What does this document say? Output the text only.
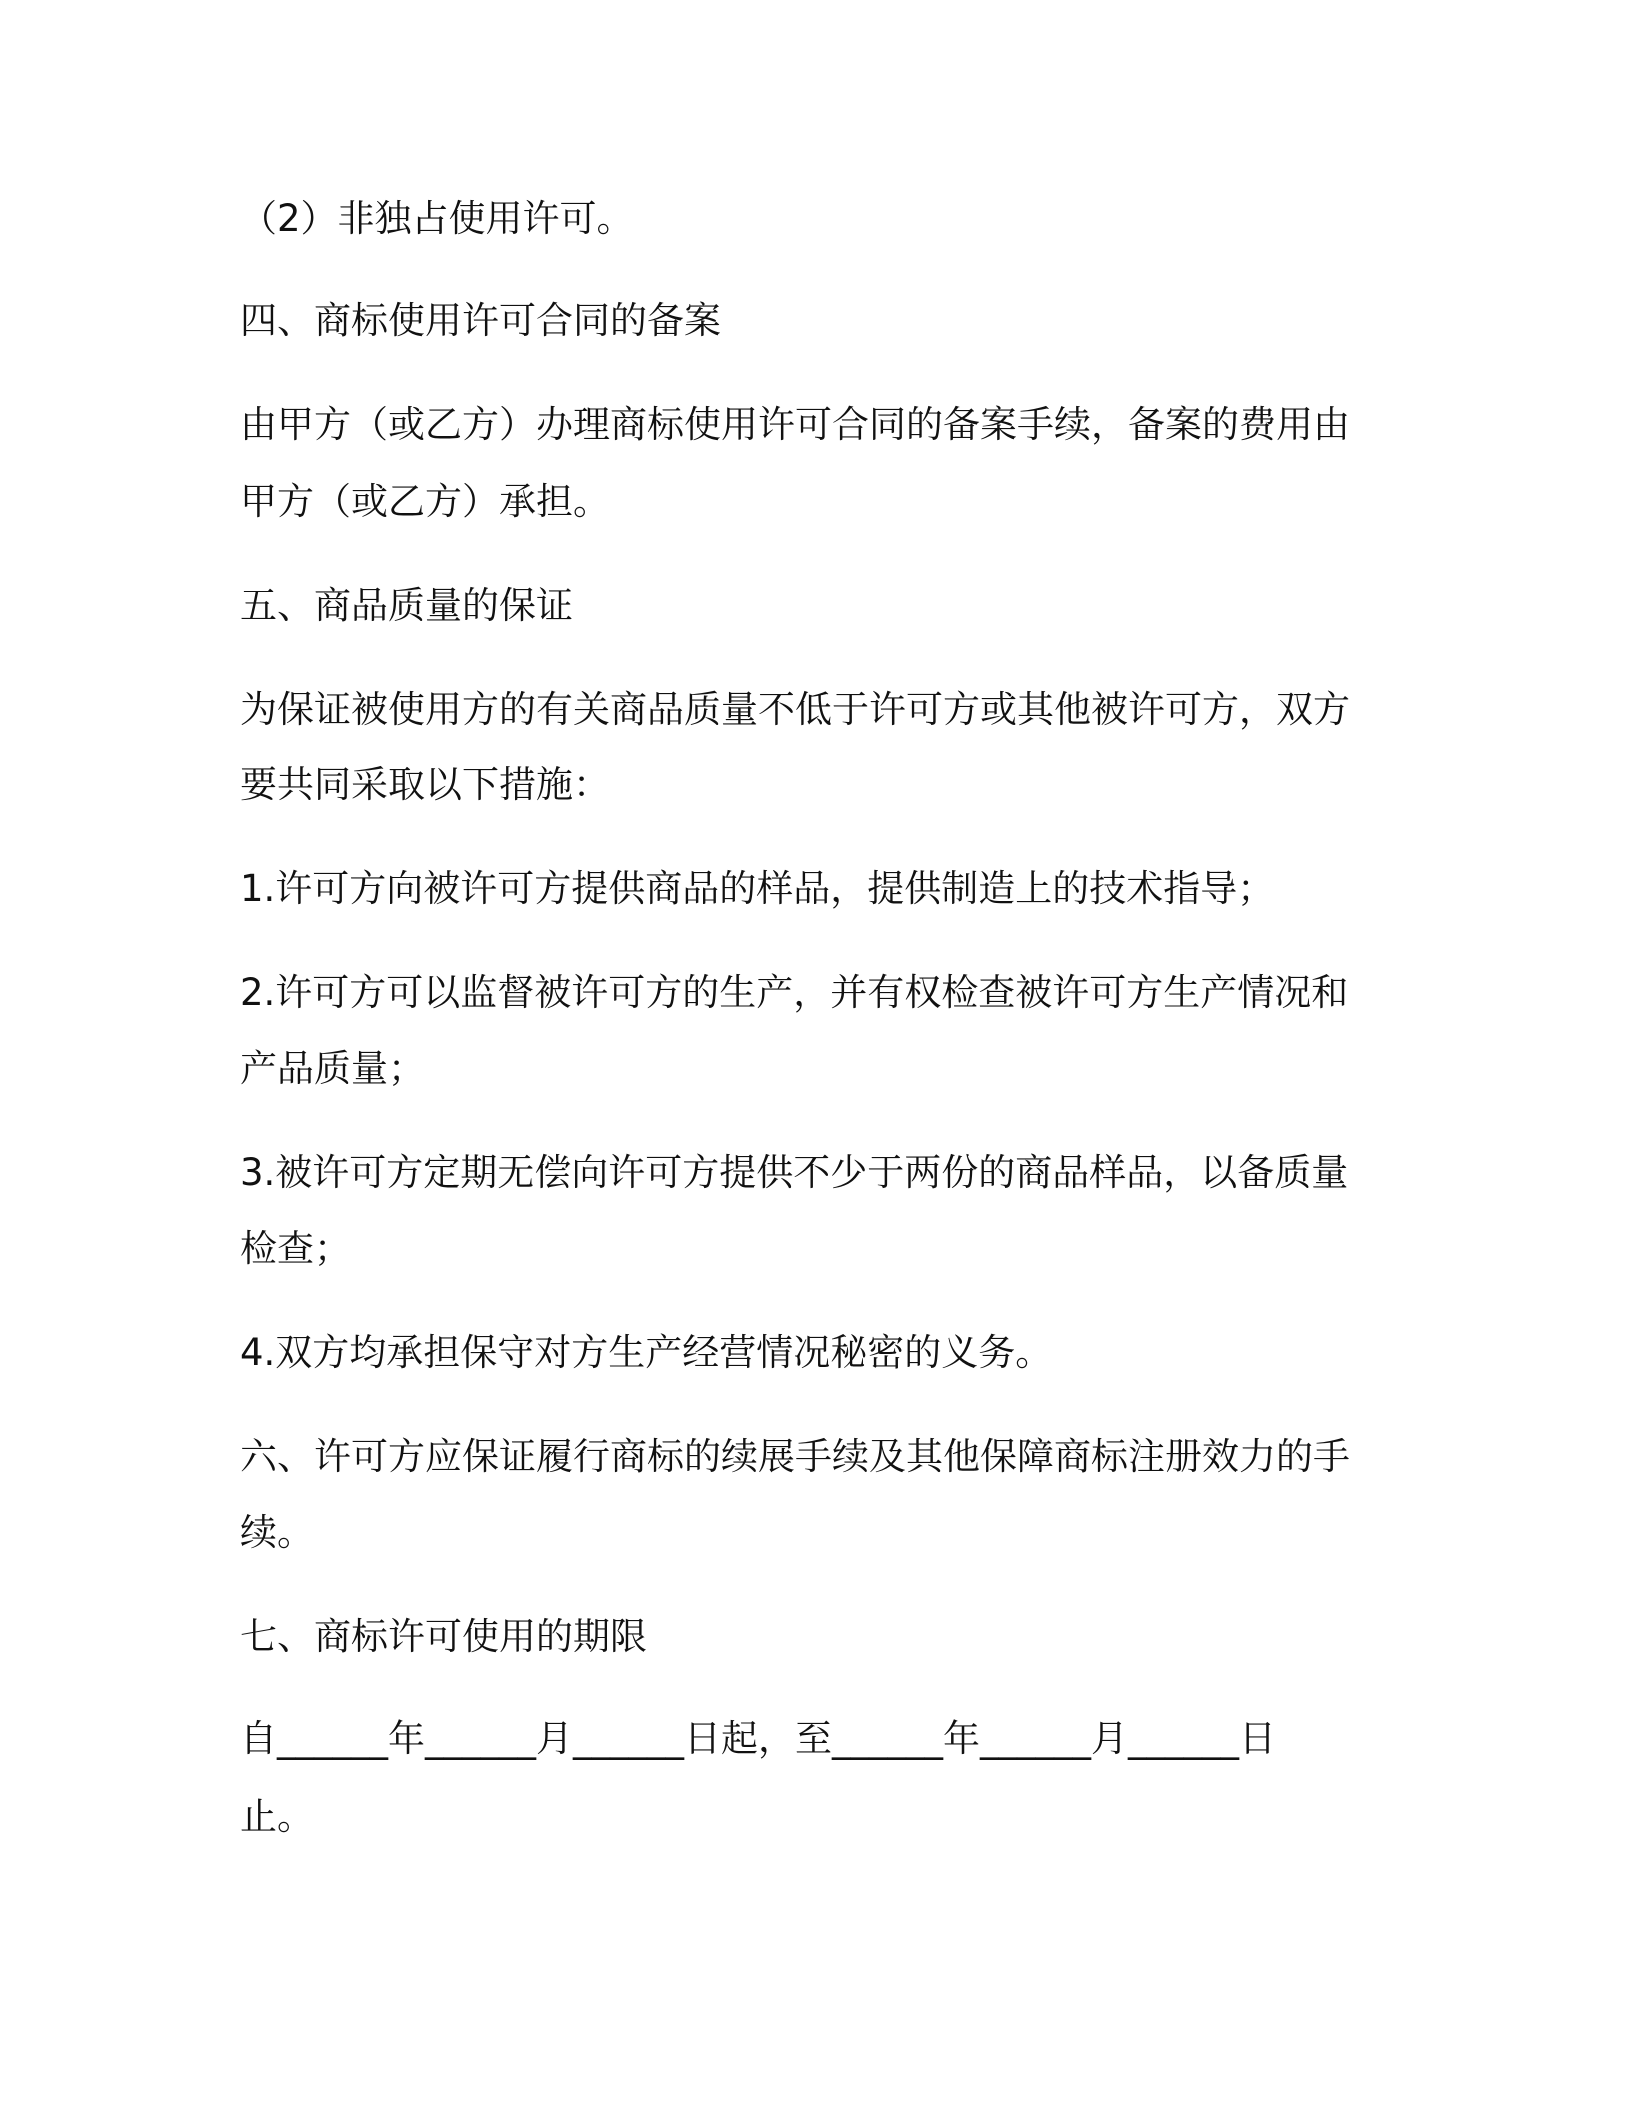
（2）非独占使用许可。

四、商标使用许可合同的备案

由甲方（或乙方）办理商标使用许可合同的备案手续，备案的费用由

甲方（或乙方）承担。

五、商品质量的保证

为保证被使用方的有关商品质量不低于许可方或其他被许可方，双方

要共同采取以下措施：

1.许可方向被许可方提供商品的样品，提供制造上的技术指导；

2.许可方可以监督被许可方的生产，并有权检查被许可方生产情况和

产品质量；

3.被许可方定期无偿向许可方提供不少于两份的商品样品，以备质量

检查；

4.双方均承担保守对方生产经营情况秘密的义务。

六、许可方应保证履行商标的续展手续及其他保障商标注册效力的手

续。

七、商标许可使用的期限

自______年______月______日起，至______年______月______日

止。
